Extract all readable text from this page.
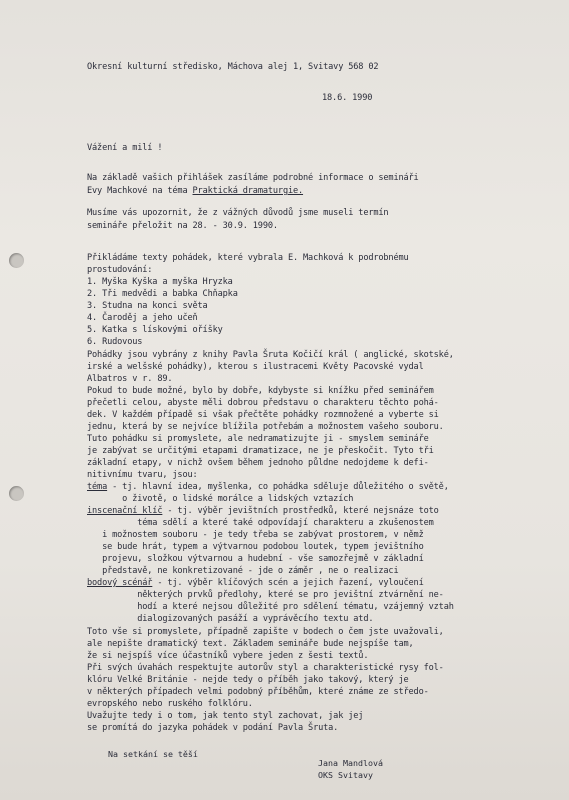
Okresní kulturní středisko, Máchova alej 1, Svitavy 568 02
18.6. 1990
Vážení a milí !
Na základě vašich přihlášek zasíláme podrobné informace o semináři
Evy Machkové na téma Praktická dramaturgie.
Musíme vás upozornit, že z vážných důvodů jsme museli termín
semináře přeložit na 28. - 30.9. 1990.
Přikládáme texty pohádek, které vybrala E. Machková k podrobnému
prostudování:
1. Myška Kyška a myška Hryzka
2. Tři medvědi a babka Chňapka
3. Studna na konci světa
4. Čaroděj a jeho učeň
5. Katka s lískovými oříšky
6. Rudovous
Pohádky jsou vybrány z knihy Pavla Šruta Kočičí král ( anglické, skotské,
irské a welšské pohádky), kterou s ilustracemi Květy Pacovské vydal
Albatros v r. 89.
Pokud to bude možné, bylo by dobře, kdybyste si knížku před seminářem
přečetli celou, abyste měli dobrou představu o charakteru těchto pohá-
dek. V každém případě si však přečtěte pohádky rozmnožené a vyberte si
jednu, která by se nejvíce blížila potřebám a možnostem vašeho souboru.
Tuto pohádku si promyslete, ale nedramatizujte ji - smyslem semináře
je zabývat se určitými etapami dramatizace, ne je přeskočit. Tyto tři
základní etapy, v nichž ovšem během jednoho půldne nedojdeme k defi-
nitivnímu tvaru, jsou:
téma - tj. hlavní idea, myšlenka, co pohádka sděluje důležitého o světě,
o životě, o lidské morálce a lidských vztazích
inscenační klíč - tj. výběr jevištních prostředků, které nejsnáze toto
téma sdělí a které také odpovídají charakteru a zkušenostem
i možnostem souboru - je tedy třeba se zabývat prostorem, v němž
se bude hrát, typem a výtvarnou podobou loutek, typem jevištního
projevu, složkou výtvarnou a hudební - vše samozřejmě v základní
představě, ne konkretizované - jde o záměr , ne o realizaci
bodový scénář - tj. výběr klíčových scén a jejich řazení, vyloučení
některých prvků předlohy, které se pro jevištní ztvárnění ne-
hodí a které nejsou důležité pro sdělení tématu, vzájemný vztah
dialogizovaných pasáží a vyprávěcího textu atd.
Toto vše si promyslete, případně zapište v bodech o čem jste uvažovali,
ale nepište dramatický text. Základem semináře bude nejspíše tam,
že si nejspíš více účastníků vybere jeden z šesti textů.
Při svých úvahách respektujte autorův styl a charakteristické rysy fol-
klóru Velké Británie - nejde tedy o příběh jako takový, který je
v některých případech velmi podobný příběhům, které známe ze středo-
evropského nebo ruského folklóru.
Uvažujte tedy i o tom, jak tento styl zachovat, jak jej
se promítá do jazyka pohádek v podání Pavla Šruta.
Na setkání se těší
Jana Mandlová
OKS Svitavy
